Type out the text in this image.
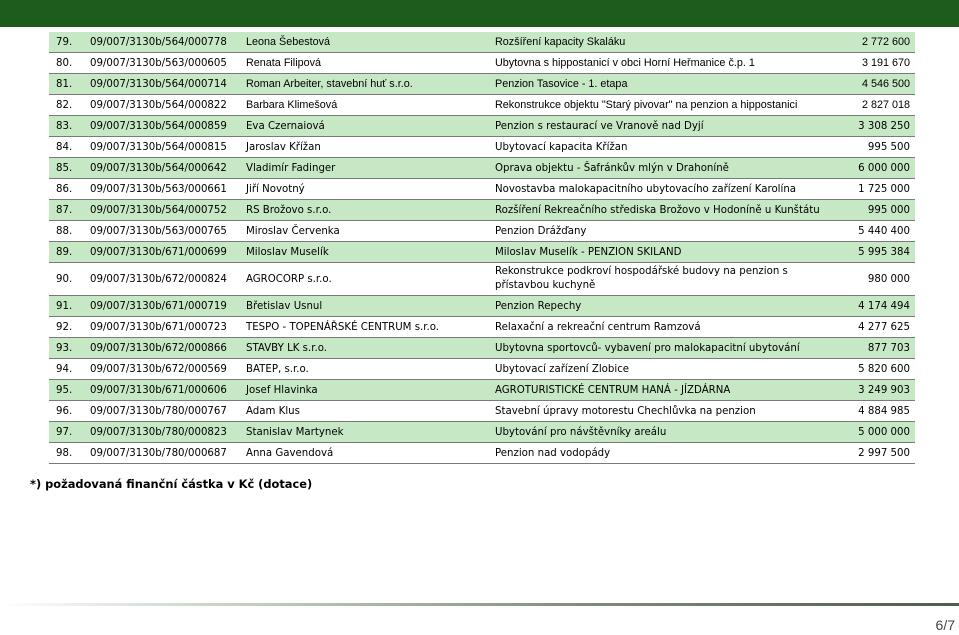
79.	09/007/3130b/564/000778	Leona Šebestová	Rozšíření kapacity Skaláku	2 772 600
80.	09/007/3130b/563/000605	Renata Filipová	Ubytovna s hippostanicí v obci Horní Heřmanice č.p. 1	3 191 670
81.	09/007/3130b/564/000714	Roman Arbeiter, stavební huť s.r.o.	Penzion Tasovice - 1. etapa	4 546 500
82.	09/007/3130b/564/000822	Barbara Klimešová	Rekonstrukce objektu "Starý pivovar" na penzion a hippostanici	2 827 018
83.	09/007/3130b/564/000859	Eva Czernaiová	Penzion s restaurací ve Vranově nad Dyjí	3 308 250
84.	09/007/3130b/564/000815	Jaroslav Křížan	Ubytovací kapacita Křížan	995 500
85.	09/007/3130b/564/000642	Vladimír Fadinger	Oprava objektu - Šafránkův mlýn v Drahoníně	6 000 000
86.	09/007/3130b/563/000661	Jiří Novotný	Novostavba malokapacitního ubytovacího zařízení Karolína	1 725 000
87.	09/007/3130b/564/000752	RS Brožovo s.r.o.	Rozšíření Rekreačního střediska Brožovo v Hodoníně u Kunštátu	995 000
88.	09/007/3130b/563/000765	Miroslav Červenka	Penzion Drážďany	5 440 400
89.	09/007/3130b/671/000699	Miloslav Muselík	Miloslav Muselík - PENZION SKILAND	5 995 384
90.	09/007/3130b/672/000824	AGROCORP s.r.o.	Rekonstrukce podkroví hospodářské budovy na penzion s přístavbou kuchyně	980 000
91.	09/007/3130b/671/000719	Břetislav Usnul	Penzion Repechy	4 174 494
92.	09/007/3130b/671/000723	TESPO - TOPENÁŘSKÉ CENTRUM s.r.o.	Relaxační a rekreační centrum Ramzová	4 277 625
93.	09/007/3130b/672/000866	STAVBY LK s.r.o.	Ubytovna sportovců- vybavení pro malokapacitní ubytování	877 703
94.	09/007/3130b/672/000569	BATEP, s.r.o.	Ubytovací zařízení Zlobice	5 820 600
95.	09/007/3130b/671/000606	Josef Hlavinka	AGROTURISTICKÉ CENTRUM HANÁ - JÍZDÁRNA	3 249 903
96.	09/007/3130b/780/000767	Adam Klus	Stavební úpravy motorestu Chechlůvka na penzion	4 884 985
97.	09/007/3130b/780/000823	Stanislav Martynek	Ubytování pro návštěvníky areálu	5 000 000
98.	09/007/3130b/780/000687	Anna Gavendová	Penzion nad vodopády	2 997 500
*) požadovaná finanční částka v Kč (dotace)
6/7
